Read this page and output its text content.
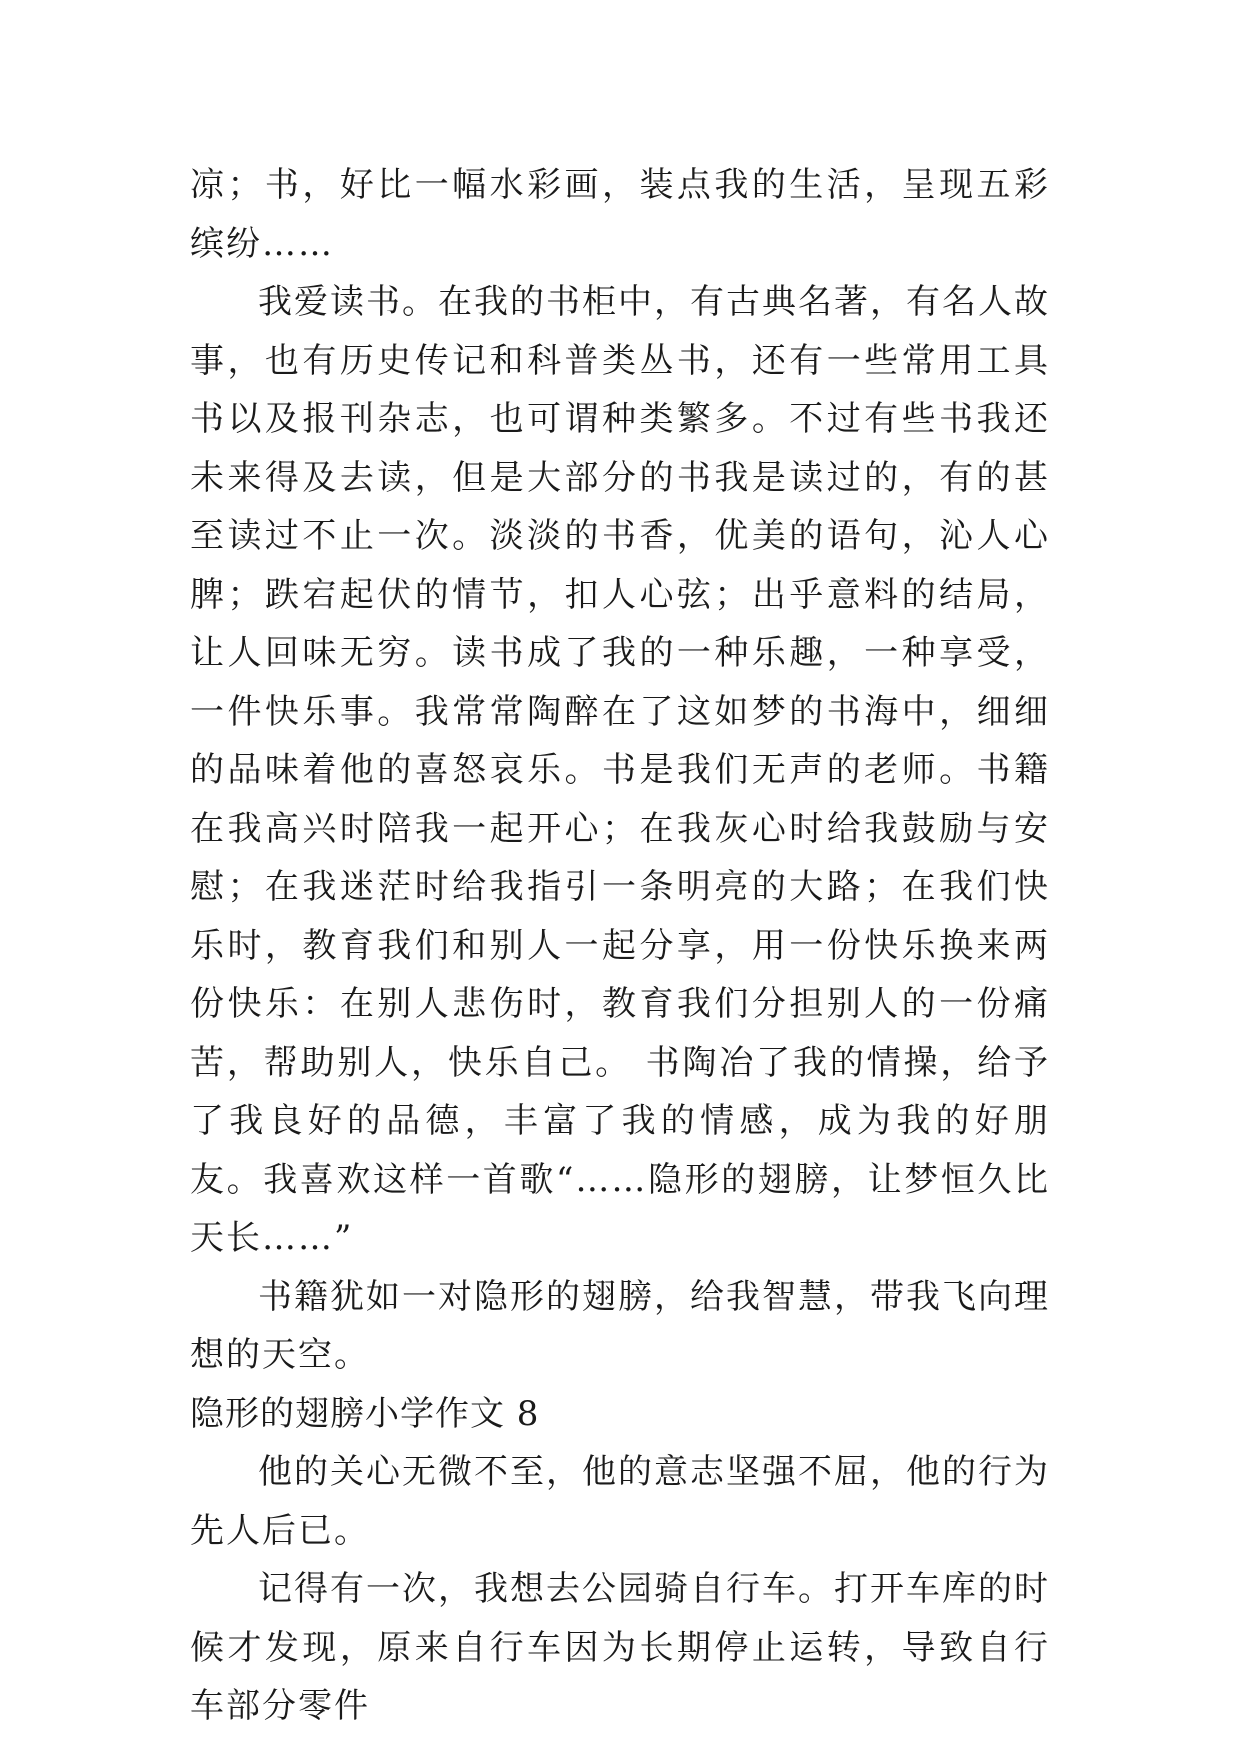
凉；书，好比一幅水彩画，装点我的生活，呈现五彩缤纷……

我爱读书。在我的书柜中，有古典名著，有名人故事，也有历史传记和科普类丛书，还有一些常用工具书以及报刊杂志，也可谓种类繁多。不过有些书我还未来得及去读，但是大部分的书我是读过的，有的甚至读过不止一次。淡淡的书香，优美的语句，沁人心脾；跌宕起伏的情节，扣人心弦；出乎意料的结局，让人回味无穷。读书成了我的一种乐趣，一种享受，一件快乐事。我常常陶醉在了这如梦的书海中，细细的品味着他的喜怒哀乐。书是我们无声的老师。书籍在我高兴时陪我一起开心；在我灰心时给我鼓励与安慰；在我迷茫时给我指引一条明亮的大路；在我们快乐时，教育我们和别人一起分享，用一份快乐换来两份快乐：在别人悲伤时，教育我们分担别人的一份痛苦，帮助别人，快乐自己。 书陶冶了我的情操，给予了我良好的品德，丰富了我的情感，成为我的好朋友。我喜欢这样一首歌“……隐形的翅膀，让梦恒久比天长……”

书籍犹如一对隐形的翅膀，给我智慧，带我飞向理想的天空。

隐形的翅膀小学作文 8

他的关心无微不至，他的意志坚强不屈，他的行为先人后已。

记得有一次，我想去公园骑自行车。打开车库的时候才发现，原来自行车因为长期停止运转，导致自行车部分零件
